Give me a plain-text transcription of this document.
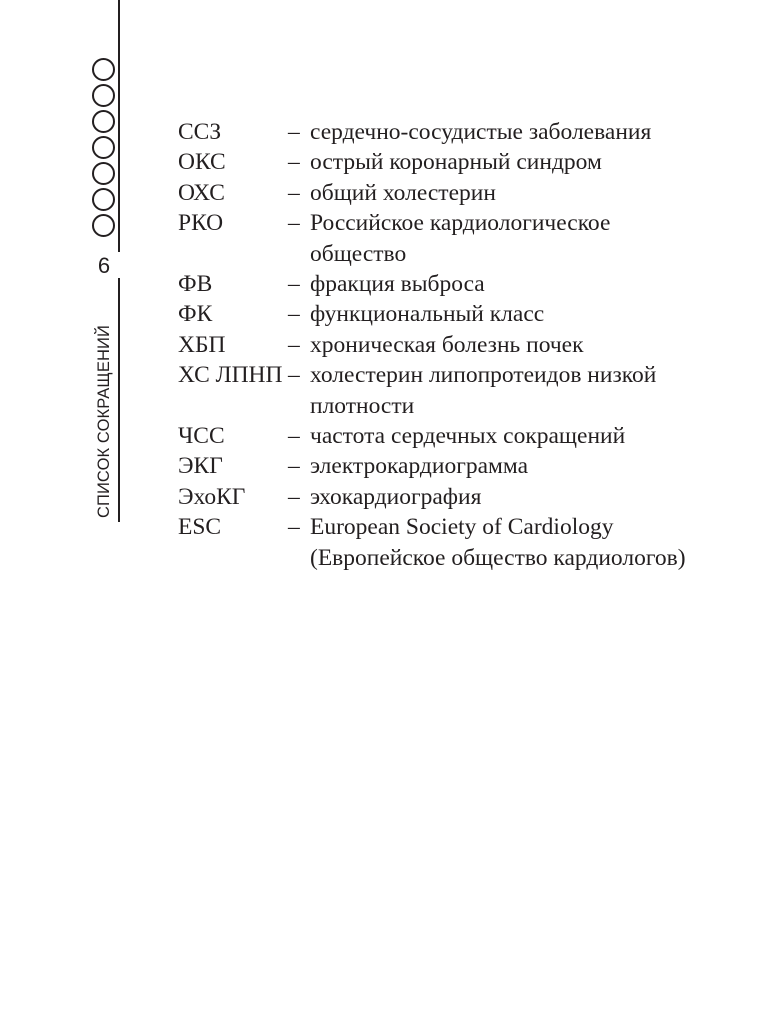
6
СПИСОК СОКРАЩЕНИЙ
ССЗ	– сердечно-сосудистые заболевания
ОКС	– острый коронарный синдром
ОХС	– общий холестерин
РКО	– Российское кардиологическое общество
ФВ	– фракция выброса
ФК	– функциональный класс
ХБП	– хроническая болезнь почек
ХС ЛПНП – холестерин липопротеидов низкой плотности
ЧСС	– частота сердечных сокращений
ЭКГ	– электрокардиограмма
ЭхоКГ	– эхокардиография
ESC	– European Society of Cardiology (Европейское общество кардиологов)
